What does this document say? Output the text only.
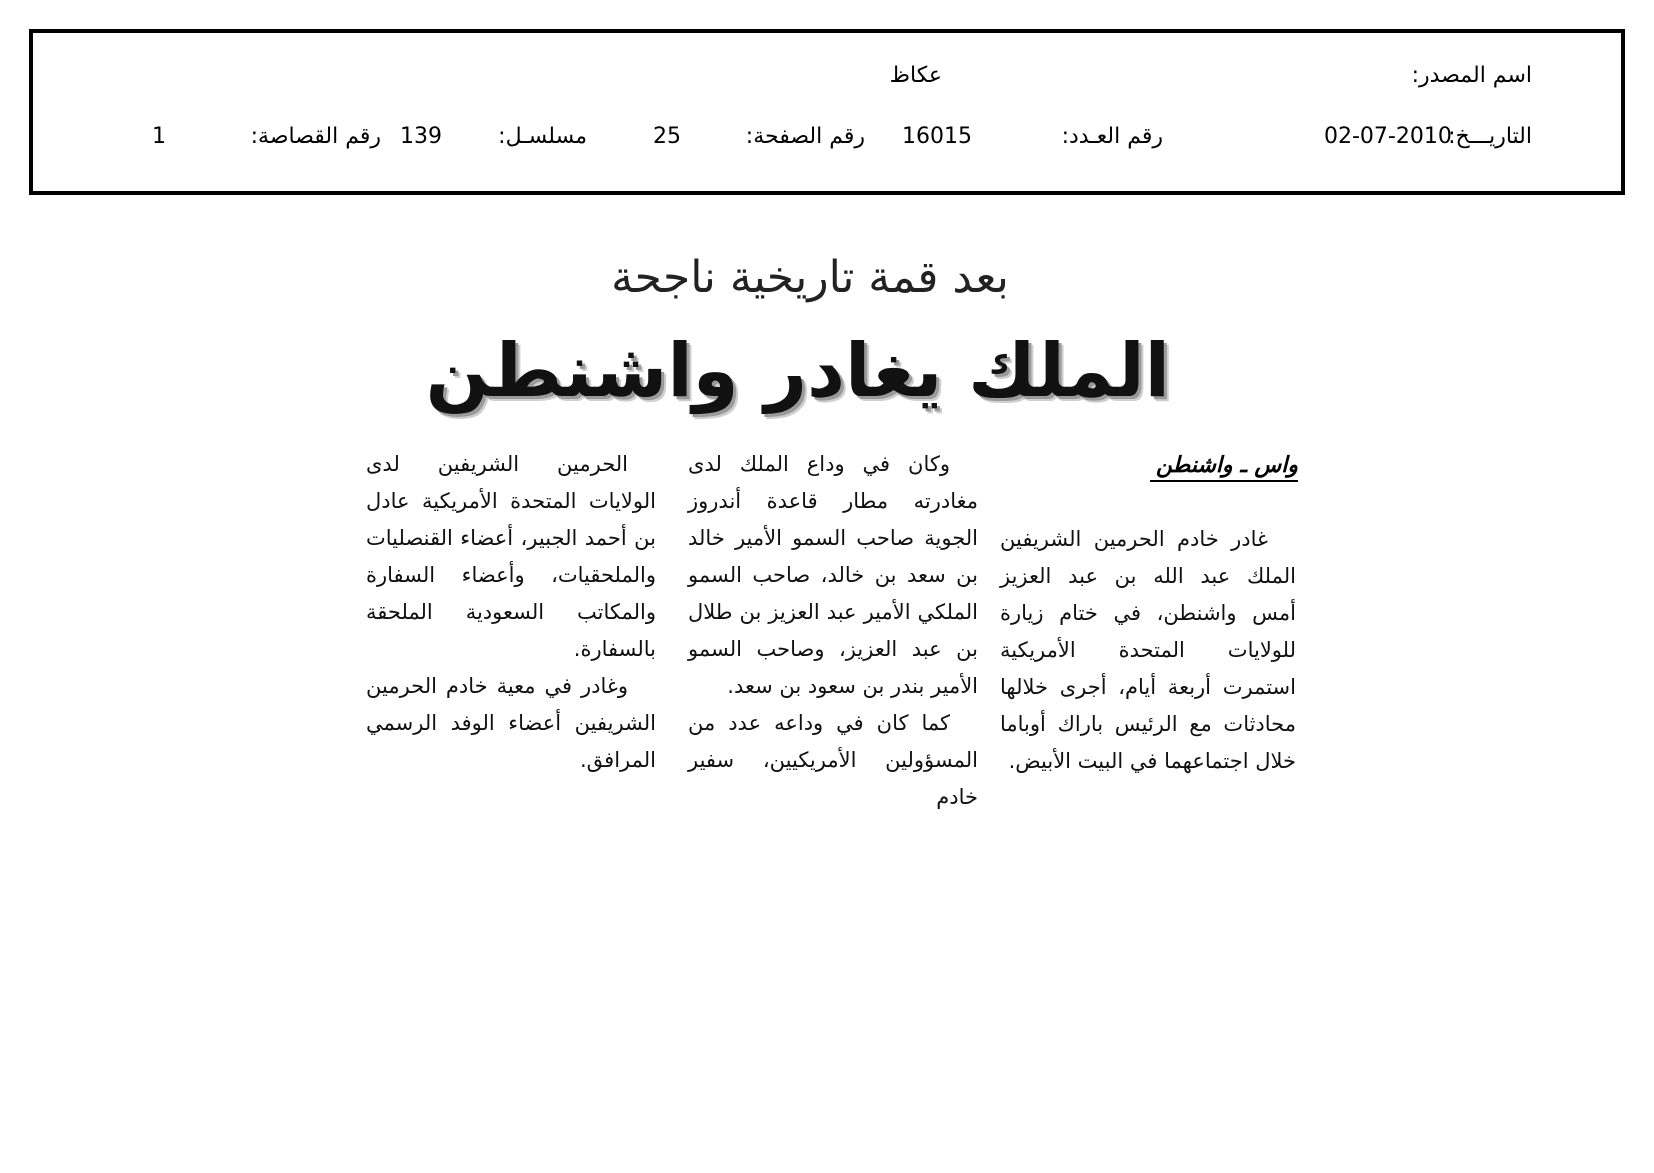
اسم المصدر:
عكاظ
التاريـــخ:
02-07-2010
رقم العـدد:
16015
رقم الصفحة:
25
مسلسـل:
139
رقم القصاصة:
1
بعد قمة تاريخية ناجحة
الملك يغادر واشنطن
واس ـ واشنطن

غادر خادم الحرمين الشريفين الملك عبد الله بن عبد العزيز أمس واشنطن، في ختام زيارة للولايات المتحدة الأمريكية استمرت أربعة أيام، أجرى خلالها محادثات مع الرئيس باراك أوباما خلال اجتماعهما في البيت الأبيض.

وكان في وداع الملك لدى مغادرته مطار قاعدة أندروز الجوية صاحب السمو الأمير خالد بن سعد بن خالد، صاحب السمو الملكي الأمير عبد العزيز بن طلال بن عبد العزيز، وصاحب السمو الأمير بندر بن سعود بن سعد.

كما كان في وداعه عدد من المسؤولين الأمريكيين، سفير خادم

الحرمين الشريفين لدى الولايات المتحدة الأمريكية عادل بن أحمد الجبير، أعضاء القنصليات والملحقيات، وأعضاء السفارة والمكاتب السعودية الملحقة بالسفارة.

وغادر في معية خادم الحرمين الشريفين أعضاء الوفد الرسمي المرافق.
